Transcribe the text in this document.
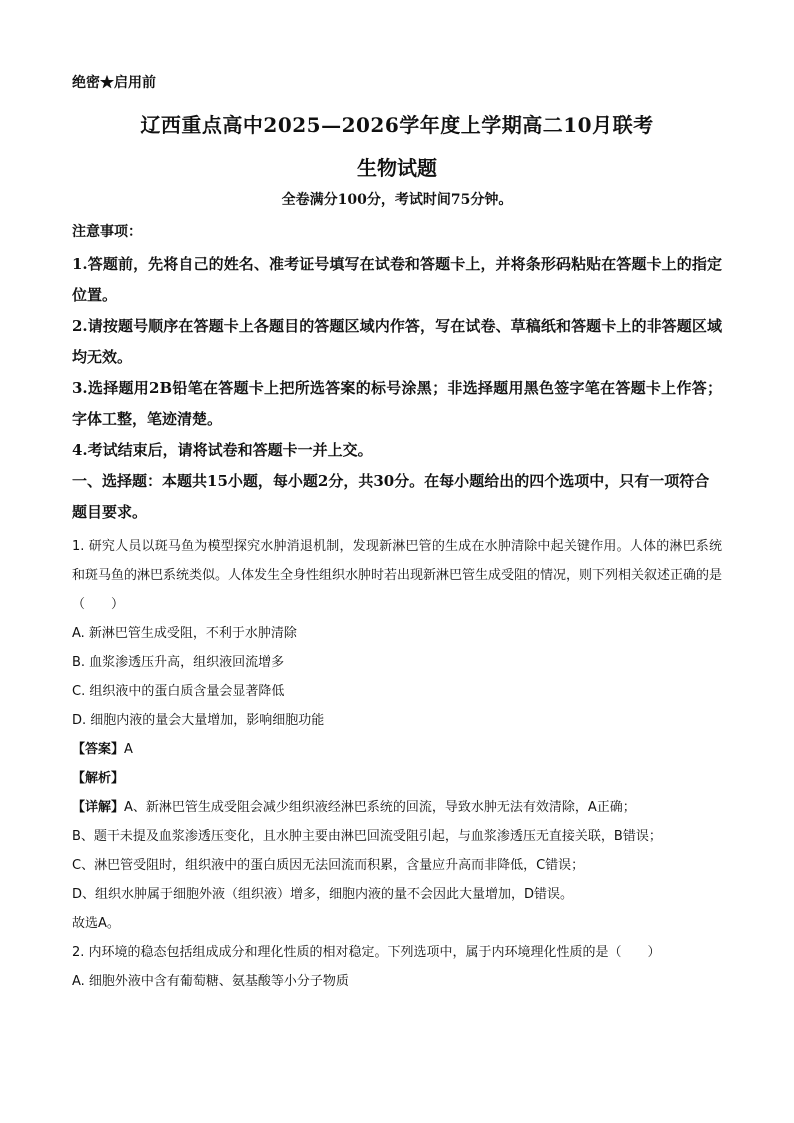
绝密★启用前

辽西重点高中2025—2026学年度上学期高二10月联考

生物试题

全卷满分100分，考试时间75分钟。

注意事项：

1.答题前，先将自己的姓名、准考证号填写在试卷和答题卡上，并将条形码粘贴在答题卡上的指定位置。

2.请按题号顺序在答题卡上各题目的答题区域内作答，写在试卷、草稿纸和答题卡上的非答题区域均无效。

3.选择题用2B铅笔在答题卡上把所选答案的标号涂黑；非选择题用黑色签字笔在答题卡上作答；字体工整，笔迹清楚。

4.考试结束后，请将试卷和答题卡一并上交。

一、选择题：本题共15小题，每小题2分，共30分。在每小题给出的四个选项中，只有一项符合题目要求。

1. 研究人员以斑马鱼为模型探究水肿消退机制，发现新淋巴管的生成在水肿清除中起关键作用。人体的淋巴系统和斑马鱼的淋巴系统类似。人体发生全身性组织水肿时若出现新淋巴管生成受阻的情况，则下列相关叙述正确的是（　　）

A. 新淋巴管生成受阻，不利于水肿清除

B. 血浆渗透压升高，组织液回流增多

C. 组织液中的蛋白质含量会显著降低

D. 细胞内液的量会大量增加，影响细胞功能

【答案】A

【解析】

【详解】A、新淋巴管生成受阻会减少组织液经淋巴系统的回流，导致水肿无法有效清除，A正确；

B、题干未提及血浆渗透压变化，且水肿主要由淋巴回流受阻引起，与血浆渗透压无直接关联，B错误；

C、淋巴管受阻时，组织液中的蛋白质因无法回流而积累，含量应升高而非降低，C错误；

D、组织水肿属于细胞外液（组织液）增多，细胞内液的量不会因此大量增加，D错误。

故选A。

2. 内环境的稳态包括组成成分和理化性质的相对稳定。下列选项中，属于内环境理化性质的是（　　）

A. 细胞外液中含有葡萄糖、氨基酸等小分子物质
